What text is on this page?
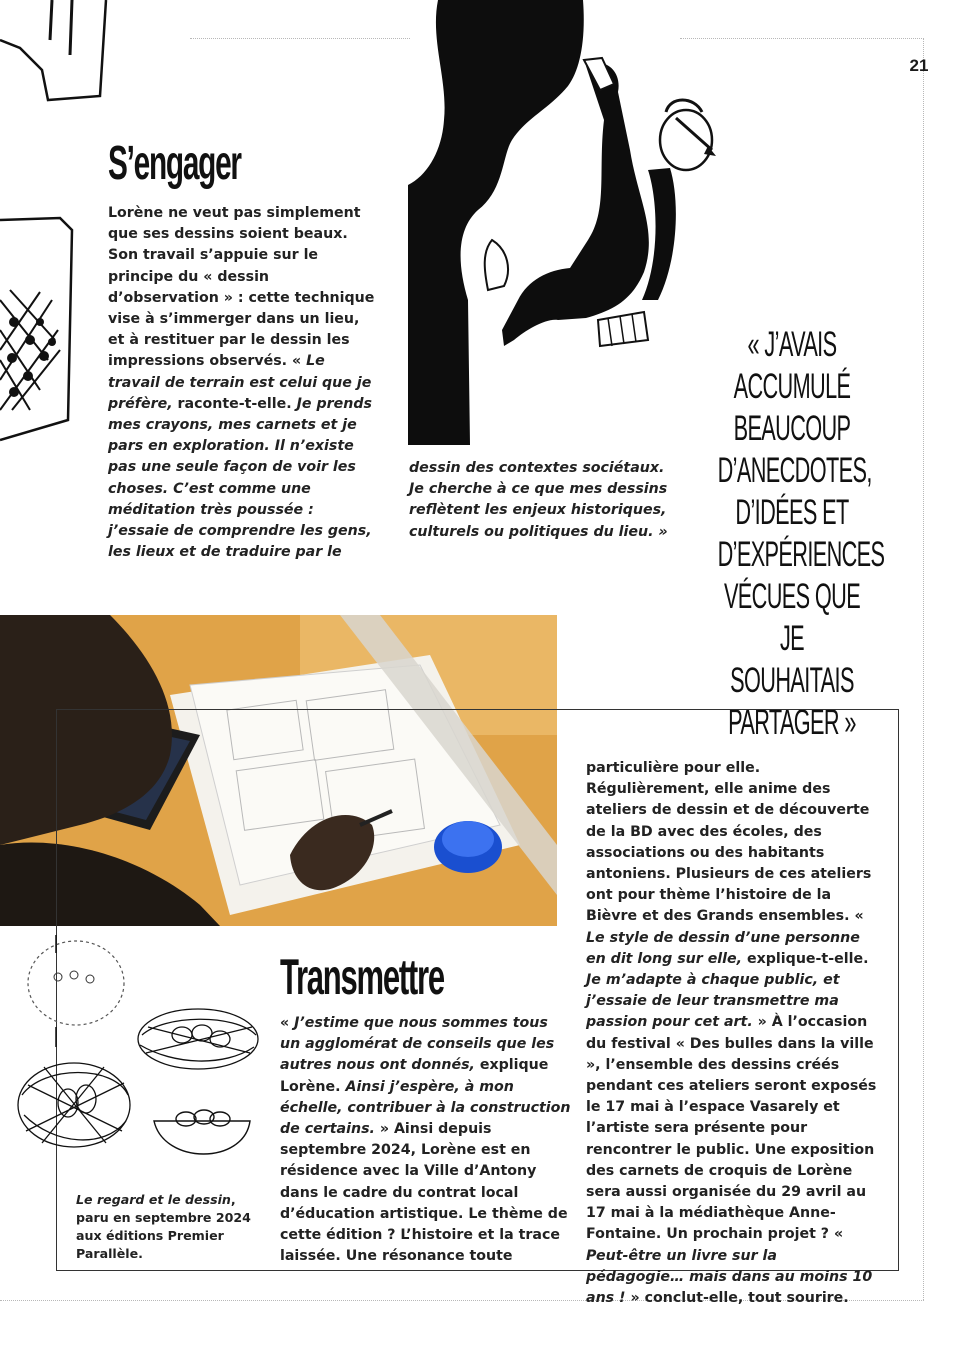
21
S’engager

Lorène ne veut pas simplement que ses dessins soient beaux. Son travail s’appuie sur le principe du « dessin d’observation » : cette technique vise à s’immerger dans un lieu, et à restituer par le dessin les impressions observés. « Le travail de terrain est celui que je préfère, raconte-t-elle. Je prends mes crayons, mes carnets et je pars en exploration. Il n’existe pas une seule façon de voir les choses. C’est comme une méditation très poussée : j’essaie de comprendre les gens, les lieux et de traduire par le

dessin des contextes sociétaux. Je cherche à ce que mes dessins reflètent les enjeux historiques, culturels ou politiques du lieu. »

« J’AVAIS ACCUMULÉ BEAUCOUP D’ANECDOTES, D’IDÉES ET D’EXPÉRIENCES VÉCUES QUE JE SOUHAITAIS PARTAGER »
Transmettre

« J’estime que nous sommes tous un agglomérat de conseils que les autres nous ont donnés, explique Lorène. Ainsi j’espère, à mon échelle, contribuer à la construction de certains. » Ainsi depuis septembre 2024, Lorène est en résidence avec la Ville d’Antony dans le cadre du contrat local d’éducation artistique. Le thème de cette édition ? L’histoire et la trace laissée. Une résonance toute

particulière pour elle. Régulièrement, elle anime des ateliers de dessin et de découverte de la BD avec des écoles, des associations ou des habitants antoniens. Plusieurs de ces ateliers ont pour thème l’histoire de la Bièvre et des Grands ensembles. « Le style de dessin d’une personne en dit long sur elle, explique-t-elle. Je m’adapte à chaque public, et j’essaie de leur transmettre ma passion pour cet art. » À l’occasion du festival « Des bulles dans la ville », l’ensemble des dessins créés pendant ces ateliers seront exposés le 17 mai à l’espace Vasarely et l’artiste sera présente pour rencontrer le public. Une exposition des carnets de croquis de Lorène sera aussi organisée du 29 avril au 17 mai à la médiathèque Anne-Fontaine. Un prochain projet ? « Peut-être un livre sur la pédagogie… mais dans au moins 10 ans ! » conclut-elle, tout sourire.

Le regard et le dessin, paru en septembre 2024 aux éditions Premier Parallèle.
